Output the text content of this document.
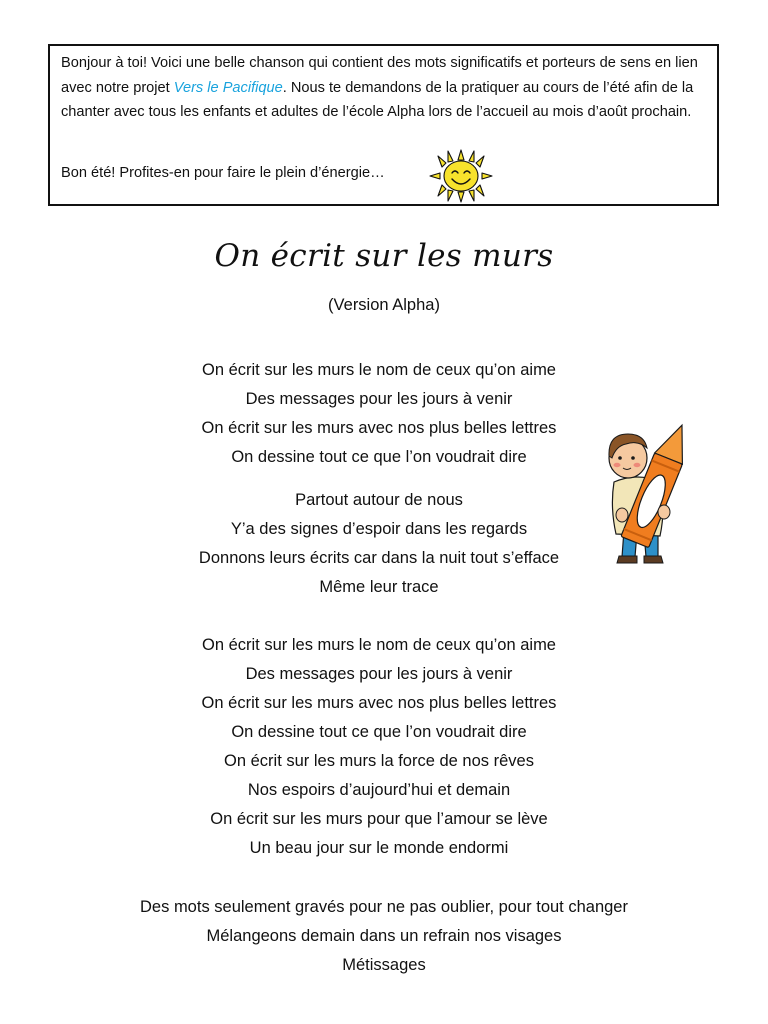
Bonjour à toi! Voici une belle chanson qui contient des mots significatifs et porteurs de sens en lien avec notre projet Vers le Pacifique. Nous te demandons de la pratiquer au cours de l’été afin de la chanter avec tous les enfants et adultes de l’école Alpha lors de l’accueil au mois d’août prochain.

Bon été! Profites-en pour faire le plein d’énergie…

On écrit sur les murs
(Version Alpha)
On écrit sur les murs le nom de ceux qu’on aime
Des messages pour les jours à venir
On écrit sur les murs avec nos plus belles lettres
On dessine tout ce que l’on voudrait dire
Partout autour de nous
Y’a des signes d’espoir dans les regards
Donnons leurs écrits car dans la nuit tout s’efface
Même leur trace
On écrit sur les murs le nom de ceux qu’on aime
Des messages pour les jours à venir
On écrit sur les murs avec nos plus belles lettres
On dessine tout ce que l’on voudrait dire
On écrit sur les murs la force de nos rêves
Nos espoirs d’aujourd’hui et demain
On écrit sur les murs pour que l’amour se lève
Un beau jour sur le monde endormi
Des mots seulement gravés pour ne pas oublier, pour tout changer
Mélangeons demain dans un refrain nos visages
Métissages
